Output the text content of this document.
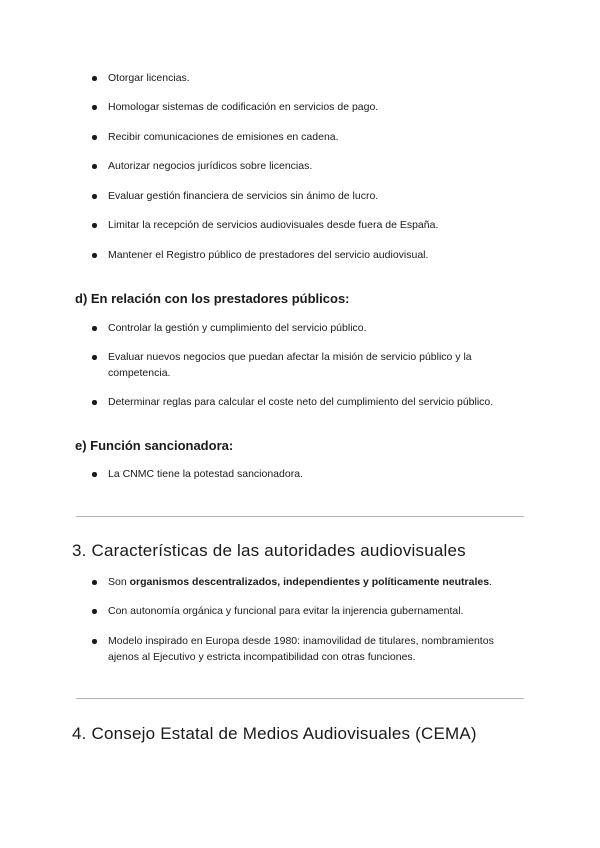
Otorgar licencias.
Homologar sistemas de codificación en servicios de pago.
Recibir comunicaciones de emisiones en cadena.
Autorizar negocios jurídicos sobre licencias.
Evaluar gestión financiera de servicios sin ánimo de lucro.
Limitar la recepción de servicios audiovisuales desde fuera de España.
Mantener el Registro público de prestadores del servicio audiovisual.
d) En relación con los prestadores públicos:
Controlar la gestión y cumplimiento del servicio público.
Evaluar nuevos negocios que puedan afectar la misión de servicio público y la competencia.
Determinar reglas para calcular el coste neto del cumplimiento del servicio público.
e) Función sancionadora:
La CNMC tiene la potestad sancionadora.
3. Características de las autoridades audiovisuales
Son organismos descentralizados, independientes y políticamente neutrales.
Con autonomía orgánica y funcional para evitar la injerencia gubernamental.
Modelo inspirado en Europa desde 1980: inamovilidad de titulares, nombramientos ajenos al Ejecutivo y estricta incompatibilidad con otras funciones.
4. Consejo Estatal de Medios Audiovisuales (CEMA)
